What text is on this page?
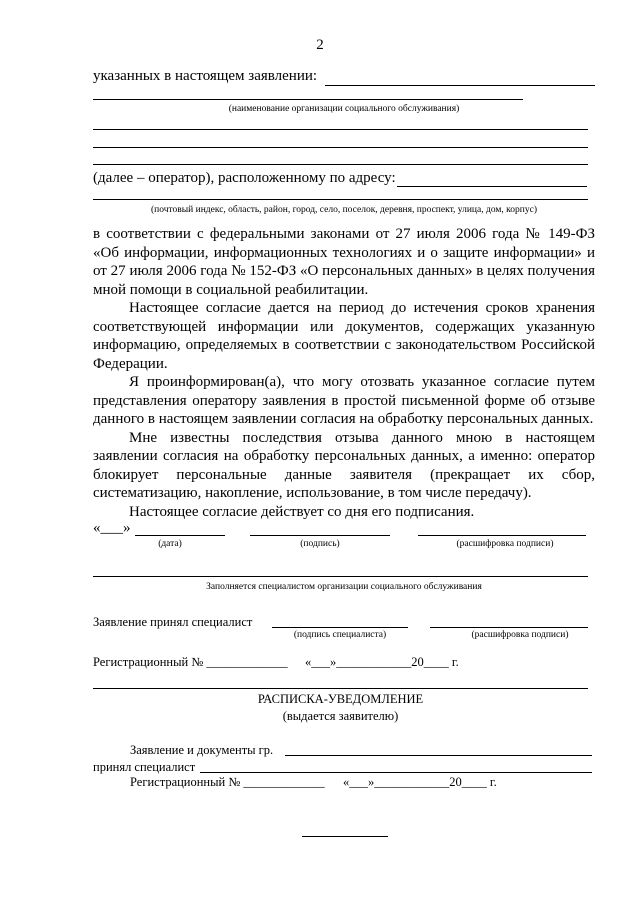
2
указанных в настоящем заявлении:
(наименование организации социального обслуживания)
(далее – оператор), расположенному по адресу:
(почтовый индекс, область, район, город, село, поселок, деревня, проспект, улица, дом, корпус)

в соответствии с федеральными законами от 27 июля 2006 года № 149-ФЗ «Об информации, информационных технологиях и о защите информации» и от 27 июля 2006 года № 152-ФЗ «О персональных данных» в целях получения мной помощи в социальной реабилитации.

Настоящее согласие дается на период до истечения сроков хранения соответствующей информации или документов, содержащих указанную информацию, определяемых в соответствии с законодательством Российской Федерации.

Я проинформирован(а), что могу отозвать указанное согласие путем представления оператору заявления в простой письменной форме об отзыве данного в настоящем заявлении согласия на обработку персональных данных.

Мне известны последствия отзыва данного мною в настоящем заявлении согласия на обработку персональных данных, а именно: оператор блокирует персональные данные заявителя (прекращает их сбор, систематизацию, накопление, использование, в том числе передачу).

Настоящее согласие действует со дня его подписания.

«___»
(дата)	(подпись)	(расшифровка подписи)
Заполняется специалистом организации социального обслуживания
Заявление принял специалист
(подпись специалиста)	(расшифровка подписи)
Регистрационный № _____________ «___»____________20____ г.
РАСПИСКА-УВЕДОМЛЕНИЕ
(выдается заявителю)
Заявление и документы гр.
принял специалист
Регистрационный № _____________ «___»____________20____ г.
